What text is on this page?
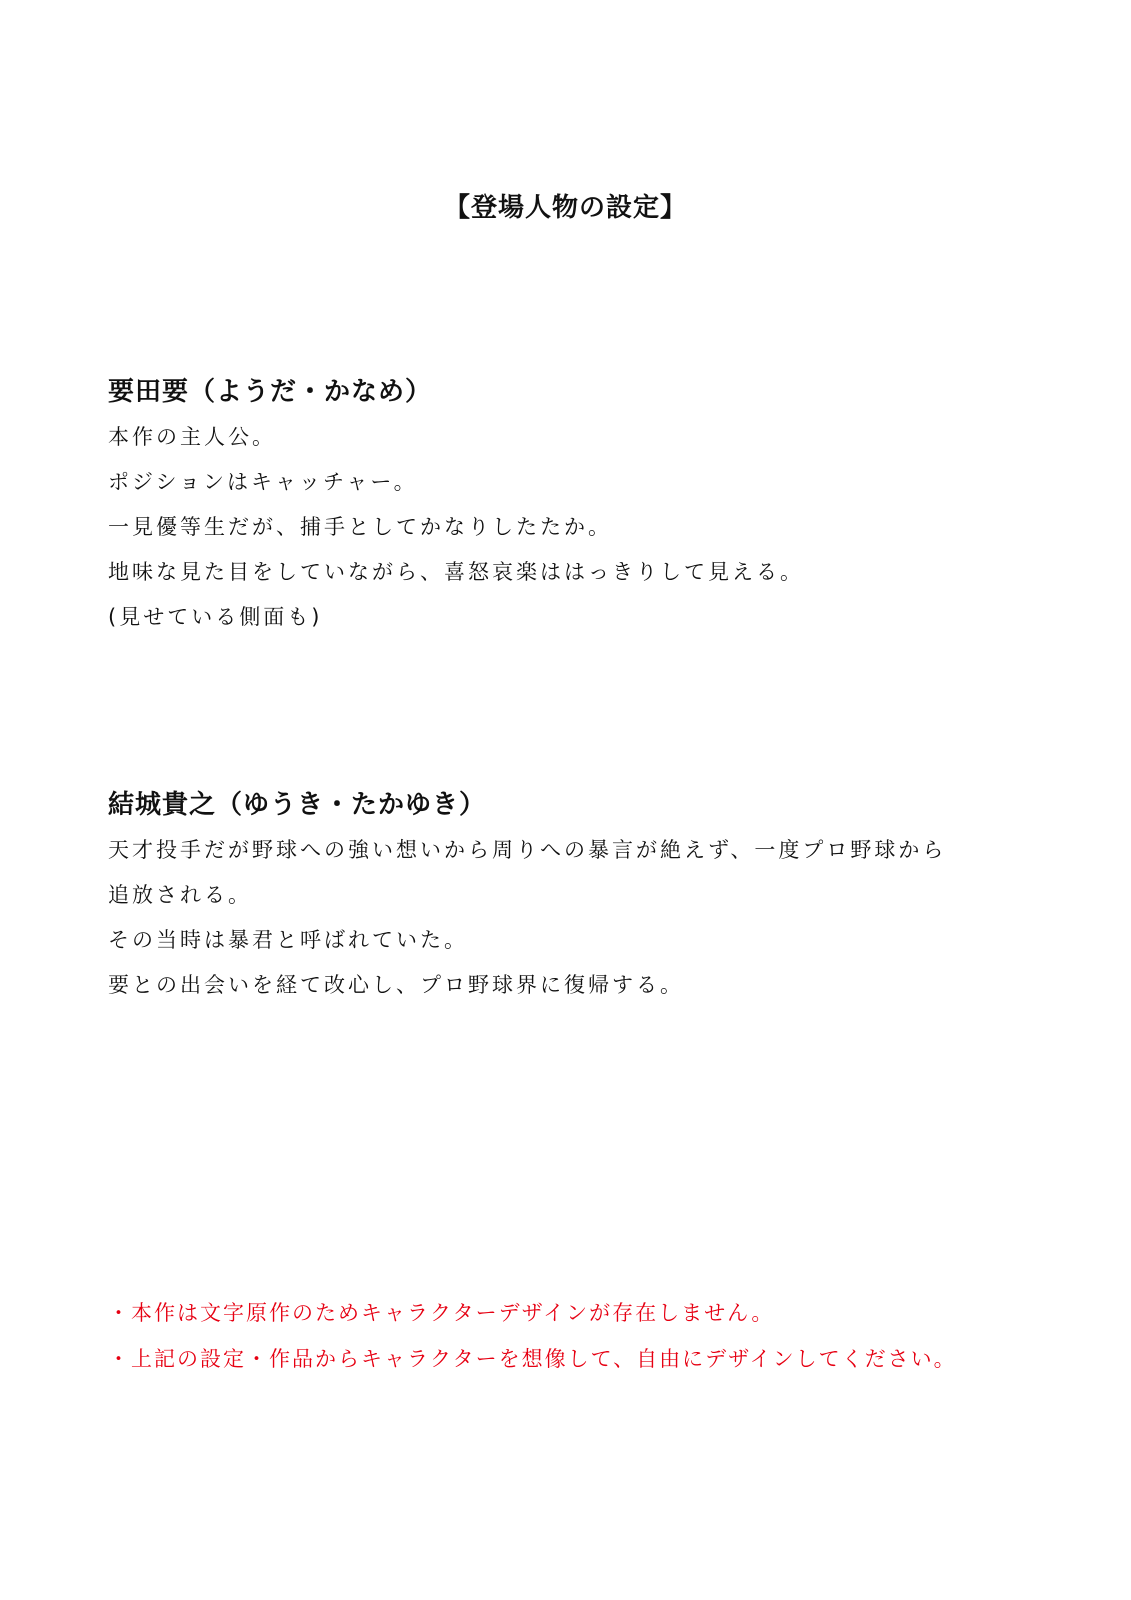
【登場人物の設定】
要田要（ようだ・かなめ）
本作の主人公。
ポジションはキャッチャー。
一見優等生だが、捕手としてかなりしたたか。
地味な見た目をしていながら、喜怒哀楽ははっきりして見える。
(見せている側面も)
結城貴之（ゆうき・たかゆき）
天才投手だが野球への強い想いから周りへの暴言が絶えず、一度プロ野球から
追放される。
その当時は暴君と呼ばれていた。
要との出会いを経て改心し、プロ野球界に復帰する。
・本作は文字原作のためキャラクターデザインが存在しません。
・上記の設定・作品からキャラクターを想像して、自由にデザインしてください。
